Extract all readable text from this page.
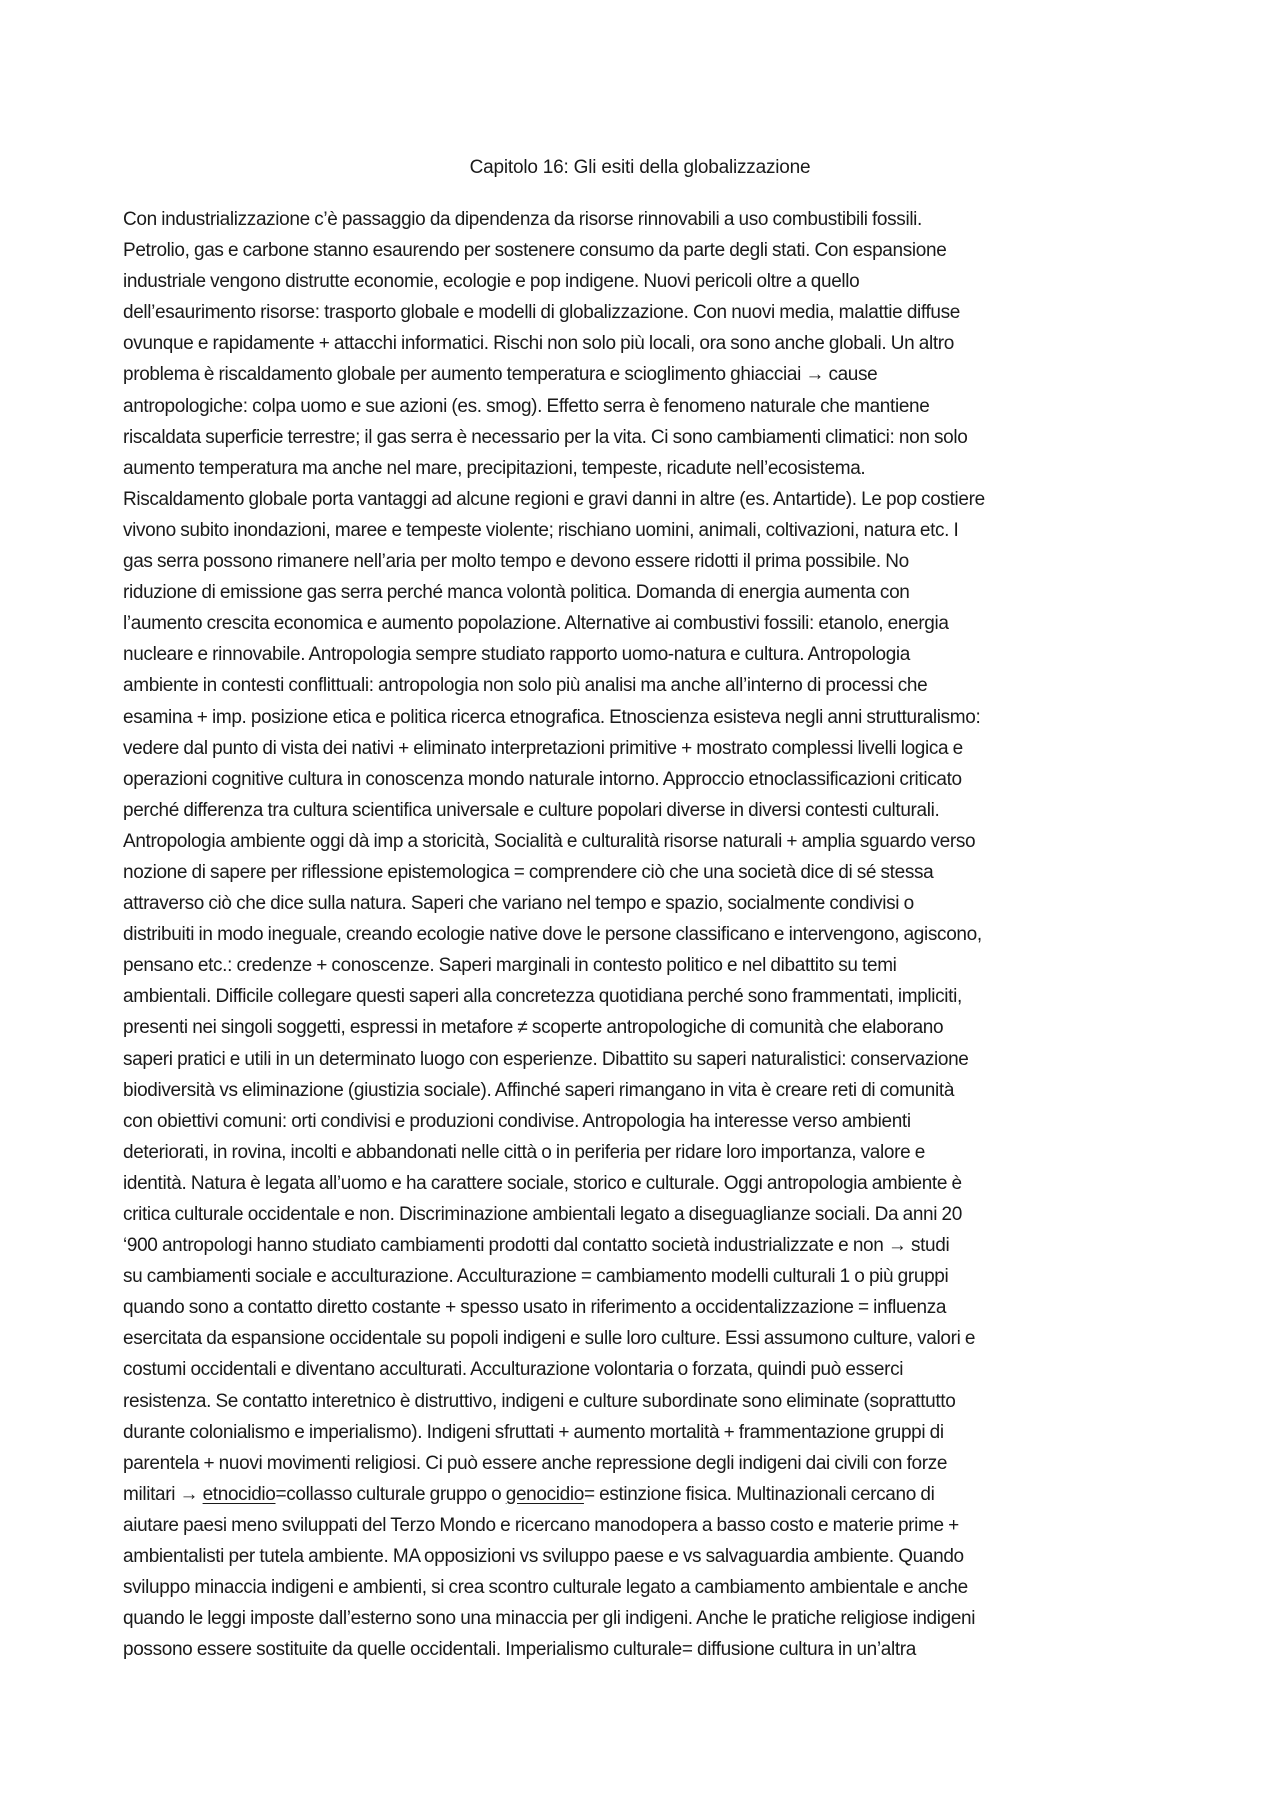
Capitolo 16: Gli esiti della globalizzazione
Con industrializzazione c’è passaggio da dipendenza da risorse rinnovabili a uso combustibili fossili.
Petrolio, gas e carbone stanno esaurendo per sostenere consumo da parte degli stati. Con espansione
industriale vengono distrutte economie, ecologie e pop indigene. Nuovi pericoli oltre a quello
dell’esaurimento risorse: trasporto globale e modelli di globalizzazione. Con nuovi media, malattie diffuse
ovunque e rapidamente + attacchi informatici. Rischi non solo più locali, ora sono anche globali. Un altro
problema è riscaldamento globale per aumento temperatura e scioglimento ghiacciai → cause
antropologiche: colpa uomo e sue azioni (es. smog). Effetto serra è fenomeno naturale che mantiene
riscaldata superficie terrestre; il gas serra è necessario per la vita. Ci sono cambiamenti climatici: non solo
aumento temperatura ma anche nel mare, precipitazioni, tempeste, ricadute nell’ecosistema.
Riscaldamento globale porta vantaggi ad alcune regioni e gravi danni in altre (es. Antartide). Le pop costiere
vivono subito inondazioni, maree e tempeste violente; rischiano uomini, animali, coltivazioni, natura etc. I
gas serra possono rimanere nell’aria per molto tempo e devono essere ridotti il prima possibile. No
riduzione di emissione gas serra perché manca volontà politica. Domanda di energia aumenta con
l’aumento crescita economica e aumento popolazione. Alternative ai combustivi fossili: etanolo, energia
nucleare e rinnovabile. Antropologia sempre studiato rapporto uomo-natura e cultura. Antropologia
ambiente in contesti conflittuali: antropologia non solo più analisi ma anche all’interno di processi che
esamina + imp. posizione etica e politica ricerca etnografica. Etnoscienza esisteva negli anni strutturalismo:
vedere dal punto di vista dei nativi + eliminato interpretazioni primitive + mostrato complessi livelli logica e
operazioni cognitive cultura in conoscenza mondo naturale intorno. Approccio etnoclassificazioni criticato
perché differenza tra cultura scientifica universale e culture popolari diverse in diversi contesti culturali.
Antropologia ambiente oggi dà imp a storicità, Socialità e culturalità risorse naturali + amplia sguardo verso
nozione di sapere per riflessione epistemologica = comprendere ciò che una società dice di sé stessa
attraverso ciò che dice sulla natura. Saperi che variano nel tempo e spazio, socialmente condivisi o
distribuiti in modo ineguale, creando ecologie native dove le persone classificano e intervengono, agiscono,
pensano etc.: credenze + conoscenze. Saperi marginali in contesto politico e nel dibattito su temi
ambientali. Difficile collegare questi saperi alla concretezza quotidiana perché sono frammentati, impliciti,
presenti nei singoli soggetti, espressi in metafore ≠ scoperte antropologiche di comunità che elaborano
saperi pratici e utili in un determinato luogo con esperienze. Dibattito su saperi naturalistici: conservazione
biodiversità vs eliminazione (giustizia sociale). Affinché saperi rimangano in vita è creare reti di comunità
con obiettivi comuni: orti condivisi e produzioni condivise. Antropologia ha interesse verso ambienti
deteriorati, in rovina, incolti e abbandonati nelle città o in periferia per ridare loro importanza, valore e
identità. Natura è legata all’uomo e ha carattere sociale, storico e culturale. Oggi antropologia ambiente è
critica culturale occidentale e non. Discriminazione ambientali legato a diseguaglianze sociali. Da anni 20
‘900 antropologi hanno studiato cambiamenti prodotti dal contatto società industrializzate e non → studi
su cambiamenti sociale e acculturazione. Acculturazione = cambiamento modelli culturali 1 o più gruppi
quando sono a contatto diretto costante + spesso usato in riferimento a occidentalizzazione = influenza
esercitata da espansione occidentale su popoli indigeni e sulle loro culture. Essi assumono culture, valori e
costumi occidentali e diventano acculturati. Acculturazione volontaria o forzata, quindi può esserci
resistenza. Se contatto interetnico è distruttivo, indigeni e culture subordinate sono eliminate (soprattutto
durante colonialismo e imperialismo). Indigeni sfruttati + aumento mortalità + frammentazione gruppi di
parentela + nuovi movimenti religiosi. Ci può essere anche repressione degli indigeni dai civili con forze
militari → etnocidio=collasso culturale gruppo o genocidio= estinzione fisica. Multinazionali cercano di
aiutare paesi meno sviluppati del Terzo Mondo e ricercano manodopera a basso costo e materie prime +
ambientalisti per tutela ambiente. MA opposizioni vs sviluppo paese e vs salvaguardia ambiente. Quando
sviluppo minaccia indigeni e ambienti, si crea scontro culturale legato a cambiamento ambientale e anche
quando le leggi imposte dall’esterno sono una minaccia per gli indigeni. Anche le pratiche religiose indigeni
possono essere sostituite da quelle occidentali. Imperialismo culturale= diffusione cultura in un’altra
